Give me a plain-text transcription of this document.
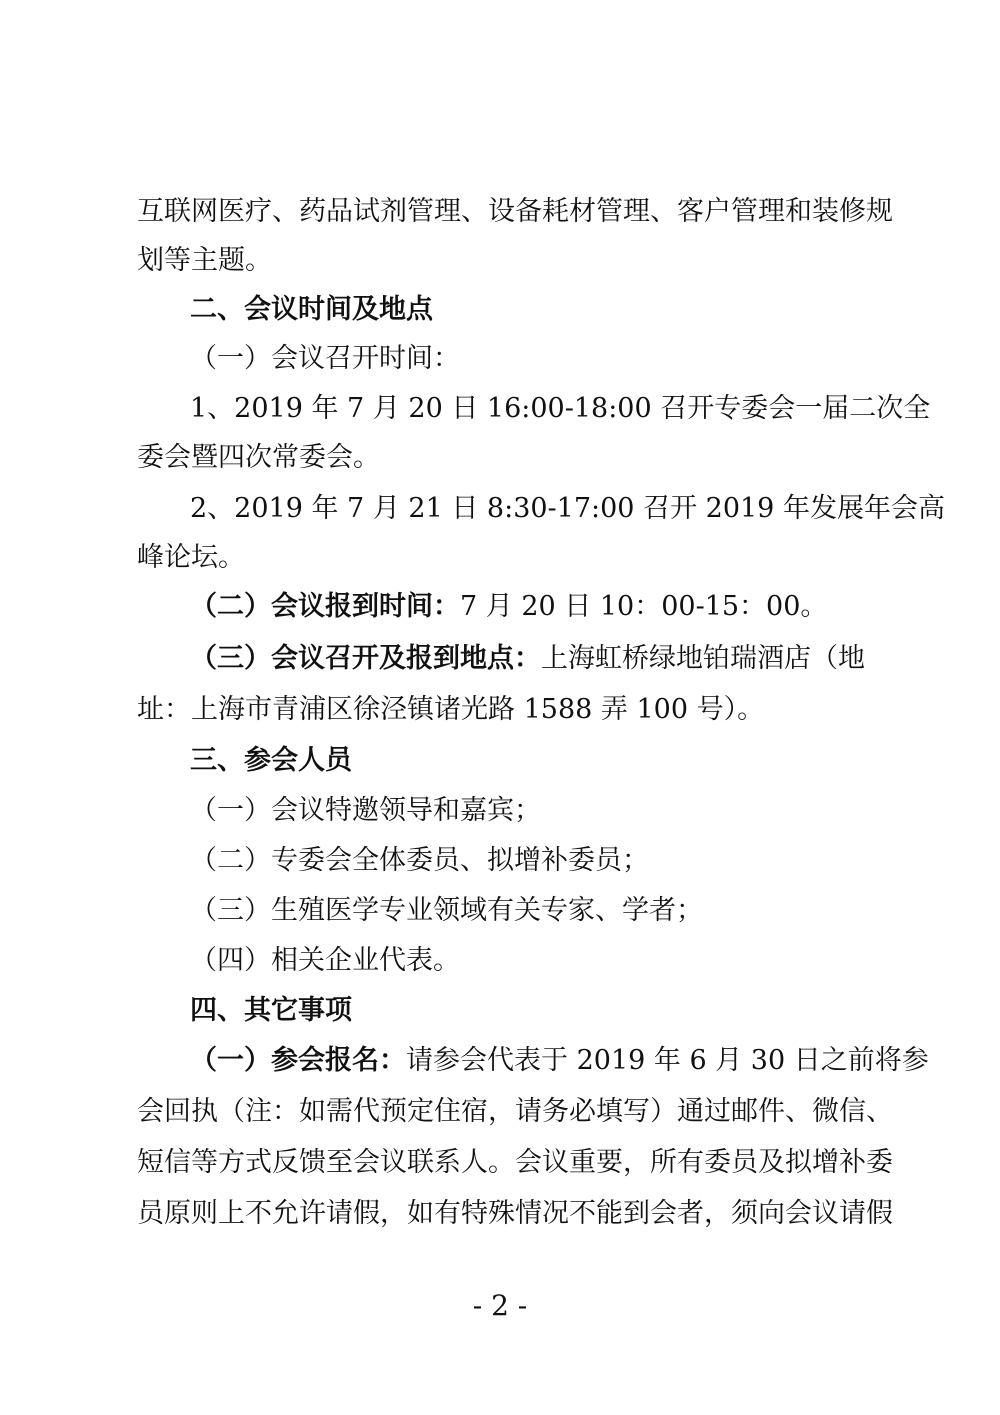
互联网医疗、药品试剂管理、设备耗材管理、客户管理和装修规
划等主题。
二、会议时间及地点
（一）会议召开时间：
1、2019 年 7 月 20 日 16:00-18:00 召开专委会一届二次全
委会暨四次常委会。
2、2019 年 7 月 21 日 8:30-17:00 召开 2019 年发展年会高
峰论坛。
（二）会议报到时间：7 月 20 日 10：00-15：00。
（三）会议召开及报到地点：上海虹桥绿地铂瑞酒店（地
址：上海市青浦区徐泾镇诸光路 1588 弄 100 号）。
三、参会人员
（一）会议特邀领导和嘉宾；
（二）专委会全体委员、拟增补委员；
（三）生殖医学专业领域有关专家、学者；
（四）相关企业代表。
四、其它事项
（一）参会报名：请参会代表于 2019 年 6 月 30 日之前将参
会回执（注：如需代预定住宿，请务必填写）通过邮件、微信、
短信等方式反馈至会议联系人。会议重要，所有委员及拟增补委
员原则上不允许请假，如有特殊情况不能到会者，须向会议请假
- 2 -
